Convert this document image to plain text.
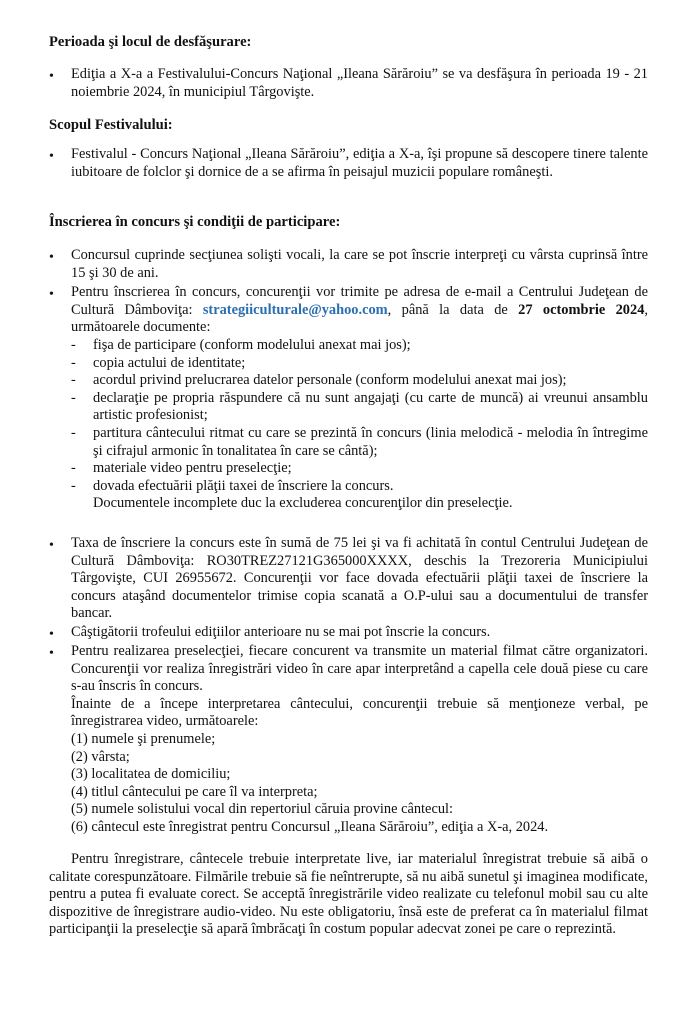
Perioada şi locul de desfăşurare:
• Ediţia a X-a a Festivalului-Concurs Naţional „Ileana Sărăroiu” se va desfăşura în perioada 19 - 21 noiembrie 2024, în municipiul Târgovişte.
Scopul Festivalului:
• Festivalul - Concurs Naţional „Ileana Sărăroiu”, ediţia a X-a, îşi propune să descopere tinere talente iubitoare de folclor şi dornice de a se afirma în peisajul muzicii populare româneşti.
Înscrierea în concurs şi condiţii de participare:
• Concursul cuprinde secţiunea solişti vocali, la care se pot înscrie interpreţi cu vârsta cuprinsă între 15 şi 30 de ani.
• Pentru înscrierea în concurs, concurenţii vor trimite pe adresa de e-mail a Centrului Judeţean de Cultură Dâmboviţa: strategiiculturale@yahoo.com, până la data de 27 octombrie 2024, următoarele documente:
-	fişa de participare (conform modelului anexat mai jos);
-	copia actului de identitate;
-	acordul privind prelucrarea datelor personale (conform modelului anexat mai jos);
-	declaraţie pe propria răspundere că nu sunt angajaţi (cu carte de muncă) ai vreunui ansamblu artistic profesionist;
-	partitura cântecului ritmat cu care se prezintă în concurs (linia melodică - melodia în întregime şi cifrajul armonic în tonalitatea în care se cântă);
-	materiale video pentru preselecţie;
-	dovada efectuării plăţii taxei de înscriere la concurs.
Documentele incomplete duc la excluderea concurenţilor din preselecţie.
• Taxa de înscriere la concurs este în sumă de 75 lei şi va fi achitată în contul Centrului Judeţean de Cultură Dâmboviţa: RO30TREZ27121G365000XXXX, deschis la Trezoreria Municipiului Târgovişte, CUI 26955672. Concurenţii vor face dovada efectuării plăţii taxei de înscriere la concurs ataşând documentelor trimise copia scanată a O.P-ului sau a documentului de transfer bancar.
• Câştigătorii trofeului ediţiilor anterioare nu se mai pot înscrie la concurs.
• Pentru realizarea preselecţiei, fiecare concurent va transmite un material filmat către organizatori. Concurenţii vor realiza înregistrări video în care apar interpretând a capella cele două piese cu care s-au înscris în concurs.
Înainte de a începe interpretarea cântecului, concurenţii trebuie să menţioneze verbal, pe înregistrarea video, următoarele:
(1) numele şi prenumele;
(2) vârsta;
(3) localitatea de domiciliu;
(4) titlul cântecului pe care îl va interpreta;
(5) numele solistului vocal din repertoriul căruia provine cântecul:
(6) cântecul este înregistrat pentru Concursul „Ileana Sărăroiu”, ediţia a X-a, 2024.
Pentru înregistrare, cântecele trebuie interpretate live, iar materialul înregistrat trebuie să aibă o calitate corespunzătoare. Filmările trebuie să fie neîntrerupte, să nu aibă sunetul şi imaginea modificate, pentru a putea fi evaluate corect. Se acceptă înregistrările video realizate cu telefonul mobil sau cu alte dispozitive de înregistrare audio-video. Nu este obligatoriu, însă este de preferat ca în materialul filmat participanţii la preselecţie să apară îmbrăcaţi în costum popular adecvat zonei pe care o reprezintă.
